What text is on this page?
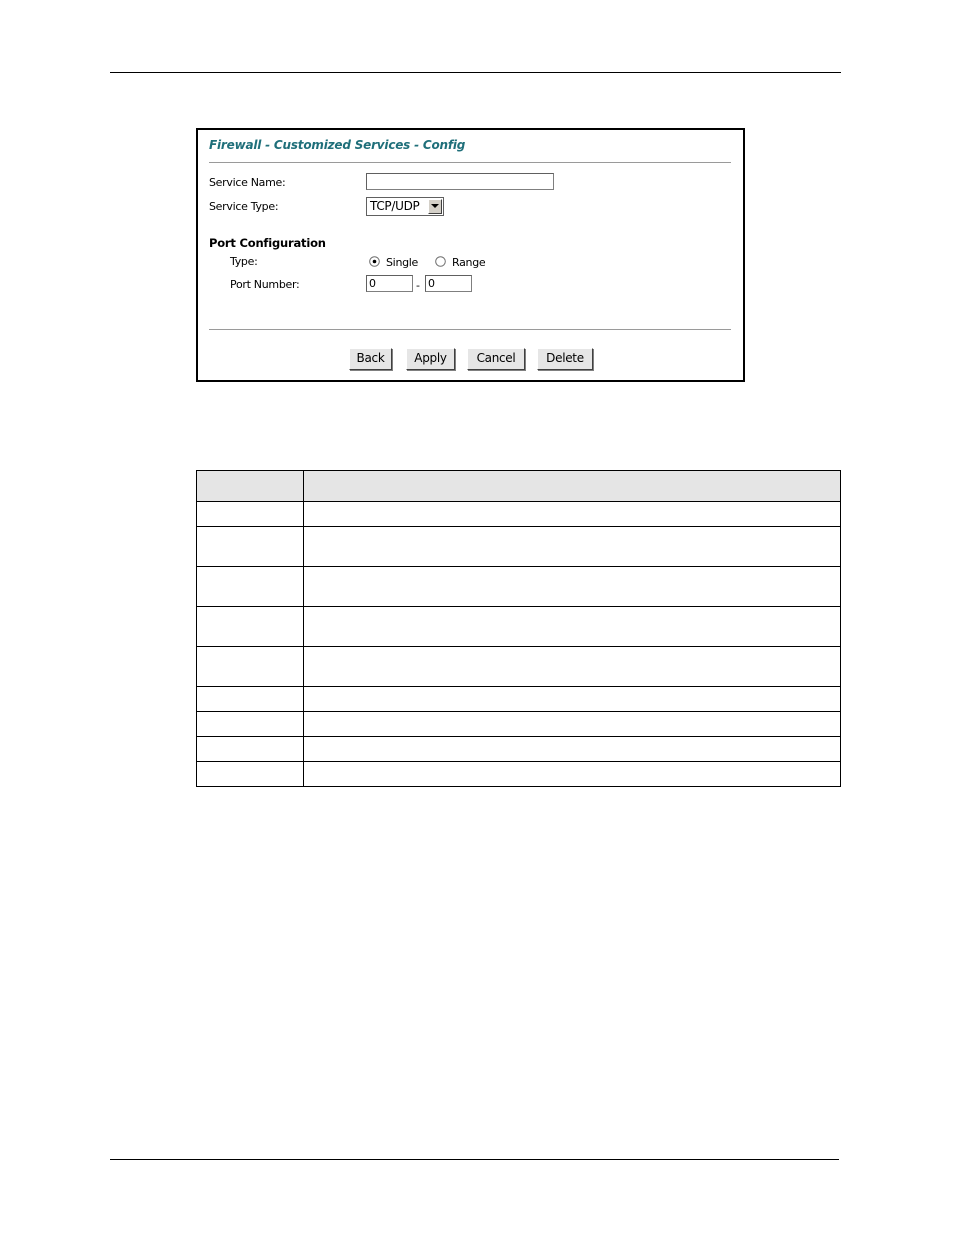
Firewall - Customized Services - Config
Service Name:
Service Type:	TCP/UDP
Port Configuration
Type:	Single	Range
Port Number:	0	- 0
Back	Apply	Cancel	Delete
